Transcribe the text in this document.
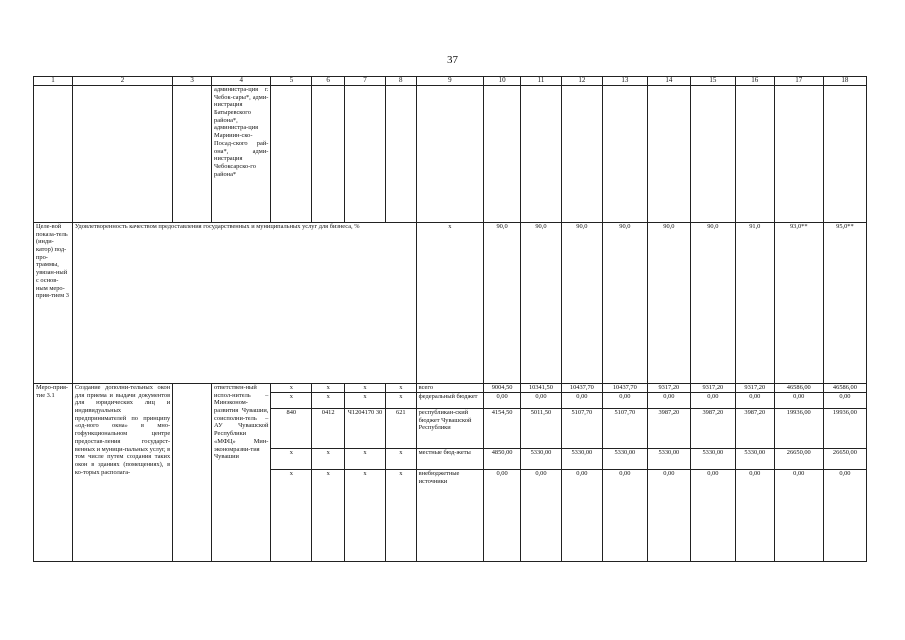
37
1	2	3	4	5	6	7	8	9	10	11	12	13	14	15	16	17	18
			администра-ция г. Чебок-сары*, адми-нистрация Батыревского района*, администра-ция Марииин-ско-Посад-ского рай-она*, адми-нистрация Чебоксарско-го района*														
Целе-вой показа-тель (инди-катор) под-про-траммы, увязан-ный с основ-ным меро-прия-тием 3	Удовлетворенность качеством предоставления государственных и муниципальных услуг для бизнеса, %							x	90,0	90,0	90,0	90,0	90,0	90,0	91,0	93,0**	95,0**
Меро-прия-тие 3.1	Создание дополни-тельных окон для приема и выдачи документов для юридических лиц и индивидуальных предпринимателей по принципу «од-ного окна» в мно-гофункциональном центре предостав-ления государст-венных и муници-пальных услуг, в том числе путем создания таких окон в зданиях (помещениях), в ко-торых располага-		ответствен-ный испол-нитель – Минэконом-развития Чувашии, соисполни-тель – АУ Чувашской Республики «МФЦ» Мин-экономразви-тия Чувашии	x	x	x	x	всего	9004,50	10341,50	10437,70	10437,70	9317,20	9317,20	9317,20	46586,00	46586,00
				x	x	x	x	федеральный бюджет	0,00	0,00	0,00	0,00	0,00	0,00	0,00	0,00	0,00
				840	0412	Ч1204170 30	621	республикан-ский бюджет Чувашской Республики	4154,50	5011,50	5107,70	5107,70	3987,20	3987,20	3987,20	19936,00	19936,00
				x	x	x	x	местные бюд-жеты	4850,00	5330,00	5330,00	5330,00	5330,00	5330,00	5330,00	26650,00	26650,00
				x	x	x	x	внебюджетные источники	0,00	0,00	0,00	0,00	0,00	0,00	0,00	0,00	0,00
